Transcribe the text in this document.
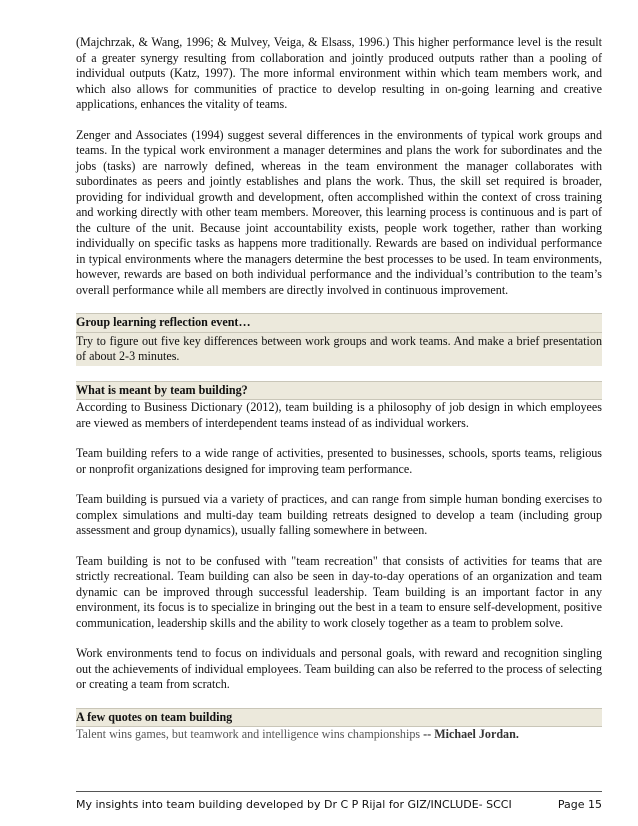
(Majchrzak, & Wang, 1996; & Mulvey, Veiga, & Elsass, 1996.) This higher performance level is the result of a greater synergy resulting from collaboration and jointly produced outputs rather than a pooling of individual outputs (Katz, 1997). The more informal environment within which team members work, and which also allows for communities of practice to develop resulting in on-going learning and creative applications, enhances the vitality of teams.

Zenger and Associates (1994) suggest several differences in the environments of typical work groups and teams. In the typical work environment a manager determines and plans the work for subordinates and the jobs (tasks) are narrowly defined, whereas in the team environment the manager collaborates with subordinates as peers and jointly establishes and plans the work. Thus, the skill set required is broader, providing for individual growth and development, often accomplished within the context of cross training and working directly with other team members. Moreover, this learning process is continuous and is part of the culture of the unit. Because joint accountability exists, people work together, rather than working individually on specific tasks as happens more traditionally. Rewards are based on individual performance in typical environments where the managers determine the best processes to be used. In team environments, however, rewards are based on both individual performance and the individual’s contribution to the team’s overall performance while all members are directly involved in continuous improvement.

Group learning reflection event…
Try to figure out five key differences between work groups and work teams. And make a brief presentation of about 2-3 minutes.
What is meant by team building?

According to Business Dictionary (2012), team building is a philosophy of job design in which employees are viewed as members of interdependent teams instead of as individual workers.

Team building refers to a wide range of activities, presented to businesses, schools, sports teams, religious or nonprofit organizations designed for improving team performance.

Team building is pursued via a variety of practices, and can range from simple human bonding exercises to complex simulations and multi-day team building retreats designed to develop a team (including group assessment and group dynamics), usually falling somewhere in between.

Team building is not to be confused with "team recreation" that consists of activities for teams that are strictly recreational. Team building can also be seen in day-to-day operations of an organization and team dynamic can be improved through successful leadership. Team building is an important factor in any environment, its focus is to specialize in bringing out the best in a team to ensure self-development, positive communication, leadership skills and the ability to work closely together as a team to problem solve.

Work environments tend to focus on individuals and personal goals, with reward and recognition singling out the achievements of individual employees. Team building can also be referred to the process of selecting or creating a team from scratch.

A few quotes on team building
Talent wins games, but teamwork and intelligence wins championships -- Michael Jordan.
My insights into team building developed by Dr C P Rijal for GIZ/INCLUDE- SCCI	Page 15
